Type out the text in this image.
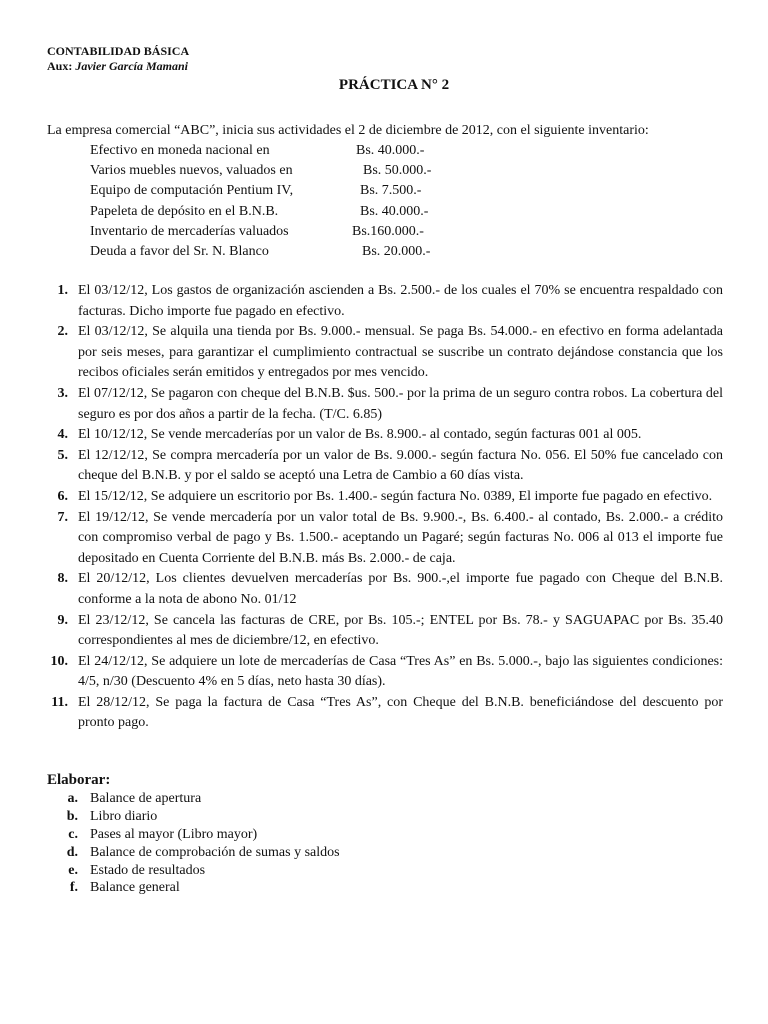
CONTABILIDAD BÁSICA
Aux: Javier García Mamani
PRÁCTICA N° 2
La empresa comercial “ABC”, inicia sus actividades el 2 de diciembre de 2012, con el siguiente inventario:
Efectivo en moneda nacional en	Bs. 40.000.-
Varios muebles nuevos, valuados en	Bs. 50.000.-
Equipo de computación Pentium IV,	Bs. 7.500.-
Papeleta de depósito en el B.N.B.	Bs. 40.000.-
Inventario de mercaderías valuados	Bs.160.000.-
Deuda a favor del Sr. N. Blanco	Bs. 20.000.-
1. El 03/12/12, Los gastos de organización ascienden a Bs. 2.500.- de los cuales el 70% se encuentra respaldado con facturas. Dicho importe fue pagado en efectivo.
2. El 03/12/12, Se alquila una tienda por Bs. 9.000.- mensual. Se paga Bs. 54.000.- en efectivo en forma adelantada por seis meses, para garantizar el cumplimiento contractual se suscribe un contrato dejándose constancia que los recibos oficiales serán emitidos y entregados por mes vencido.
3. El 07/12/12, Se pagaron con cheque del B.N.B. $us. 500.- por la prima de un seguro contra robos. La cobertura del seguro es por dos años a partir de la fecha. (T/C. 6.85)
4. El 10/12/12, Se vende mercaderías por un valor de Bs. 8.900.- al contado, según facturas 001 al 005.
5. El 12/12/12, Se compra mercadería por un valor de Bs. 9.000.- según factura No. 056. El 50% fue cancelado con cheque del B.N.B. y por el saldo se aceptó una Letra de Cambio a 60 días vista.
6. El 15/12/12, Se adquiere un escritorio por Bs. 1.400.- según factura No. 0389, El importe fue pagado en efectivo.
7. El 19/12/12, Se vende mercadería por un valor total de Bs. 9.900.-, Bs. 6.400.- al contado, Bs. 2.000.- a crédito con compromiso verbal de pago y Bs. 1.500.- aceptando un Pagaré; según facturas No. 006 al 013 el importe fue depositado en Cuenta Corriente del B.N.B. más Bs. 2.000.- de caja.
8. El 20/12/12, Los clientes devuelven mercaderías por Bs. 900.-,el importe fue pagado con Cheque del B.N.B. conforme a la nota de abono No. 01/12
9. El 23/12/12, Se cancela las facturas de CRE, por Bs. 105.-; ENTEL por Bs. 78.- y SAGUAPAC por Bs. 35.40 correspondientes al mes de diciembre/12, en efectivo.
10. El 24/12/12, Se adquiere un lote de mercaderías de Casa “Tres As” en Bs. 5.000.-, bajo las siguientes condiciones: 4/5, n/30 (Descuento 4% en 5 días, neto hasta 30 días).
11. El 28/12/12, Se paga la factura de Casa “Tres As”, con Cheque del B.N.B. beneficiándose del descuento por pronto pago.
Elaborar:
a. Balance de apertura
b. Libro diario
c. Pases al mayor (Libro mayor)
d. Balance de comprobación de sumas y saldos
e. Estado de resultados
f. Balance general
